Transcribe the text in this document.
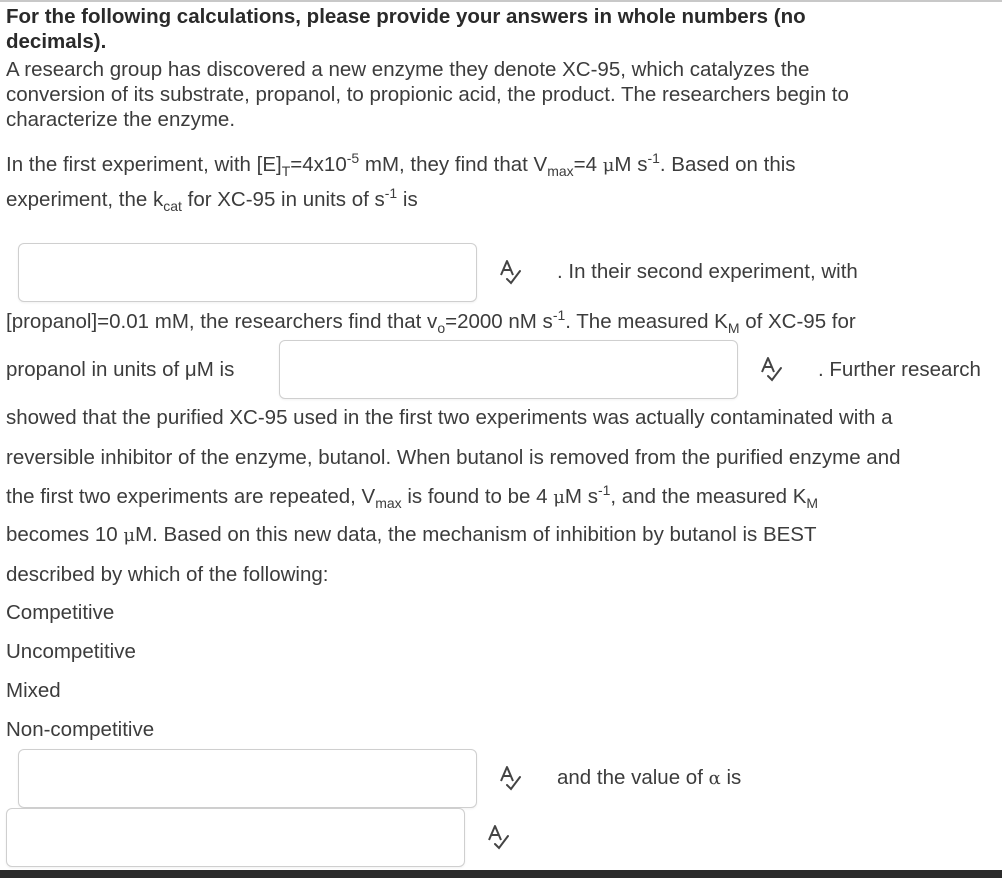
For the following calculations, please provide your answers in whole numbers (no
decimals).
A research group has discovered a new enzyme they denote XC-95, which catalyzes the
conversion of its substrate, propanol, to propionic acid, the product. The researchers begin to
characterize the enzyme.
In the first experiment, with $[E]_T=4x10^{-5}$ mM, they find that $V_{max}=4$ μM $s^{-1}$. Based on this
experiment, the $k_{cat}$ for XC-95 in units of $s^{-1}$ is
. In their second experiment, with
[propanol]=0.01 mM, the researchers find that $v_o=2000$ nM $s^{-1}$. The measured $K_M$ of XC-95 for
propanol in units of μM is	. Further research
showed that the purified XC-95 used in the first two experiments was actually contaminated with a
reversible inhibitor of the enzyme, butanol. When butanol is removed from the purified enzyme and
the first two experiments are repeated, $V_{max}$ is found to be 4 μM $s^{-1}$, and the measured $K_M$
becomes 10 μM. Based on this new data, the mechanism of inhibition by butanol is BEST
described by which of the following:
Competitive
Uncompetitive
Mixed
Non-competitive
and the value of α is
